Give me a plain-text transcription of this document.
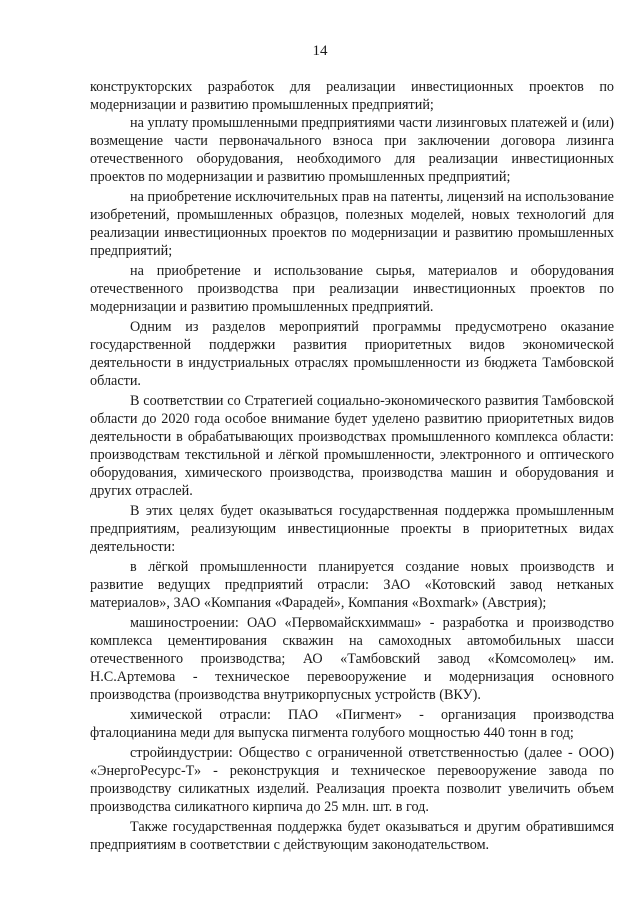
14

конструкторских разработок для реализации инвестиционных проектов по модернизации и развитию промышленных предприятий;

на уплату промышленными предприятиями части лизинговых платежей и (или) возмещение части первоначального взноса при заключении договора лизинга отечественного оборудования, необходимого для реализации инвестиционных проектов по модернизации и развитию промышленных предприятий;

на приобретение исключительных прав на патенты, лицензий на использование изобретений, промышленных образцов, полезных моделей, новых технологий для реализации инвестиционных проектов по модернизации и развитию промышленных предприятий;

на приобретение и использование сырья, материалов и оборудования отечественного производства при реализации инвестиционных проектов по модернизации и развитию промышленных предприятий.

Одним из разделов мероприятий программы предусмотрено оказание государственной поддержки развития приоритетных видов экономической деятельности в индустриальных отраслях промышленности из бюджета Тамбовской области.

В соответствии со Стратегией социально-экономического развития Тамбовской области до 2020 года особое внимание будет уделено развитию приоритетных видов деятельности в обрабатывающих производствах промышленного комплекса области: производствам текстильной и лёгкой промышленности, электронного и оптического оборудования, химического производства, производства машин и оборудования и других отраслей.

В этих целях будет оказываться государственная поддержка промышленным предприятиям, реализующим инвестиционные проекты в приоритетных видах деятельности:

в лёгкой промышленности планируется создание новых производств и развитие ведущих предприятий отрасли: ЗАО «Котовский завод нетканых материалов», ЗАО «Компания «Фарадей», Компания «Boxmark» (Австрия);

машиностроении: ОАО «Первомайскхиммаш» - разработка и производство комплекса цементирования скважин на самоходных автомобильных шасси отечественного производства; АО «Тамбовский завод «Комсомолец» им. Н.С.Артемова - техническое перевооружение и модернизация основного производства (производства внутрикорпусных устройств (ВКУ).

химической отрасли: ПАО «Пигмент» - организация производства фталоцианина меди для выпуска пигмента голубого мощностью 440 тонн в год;

стройиндустрии: Общество с ограниченной ответственностью (далее - ООО) «ЭнергоРесурс-Т» - реконструкция и техническое перевооружение завода по производству силикатных изделий. Реализация проекта позволит увеличить объем производства силикатного кирпича до 25 млн. шт. в год.

Также государственная поддержка будет оказываться и другим обратившимся предприятиям в соответствии с действующим законодательством.
